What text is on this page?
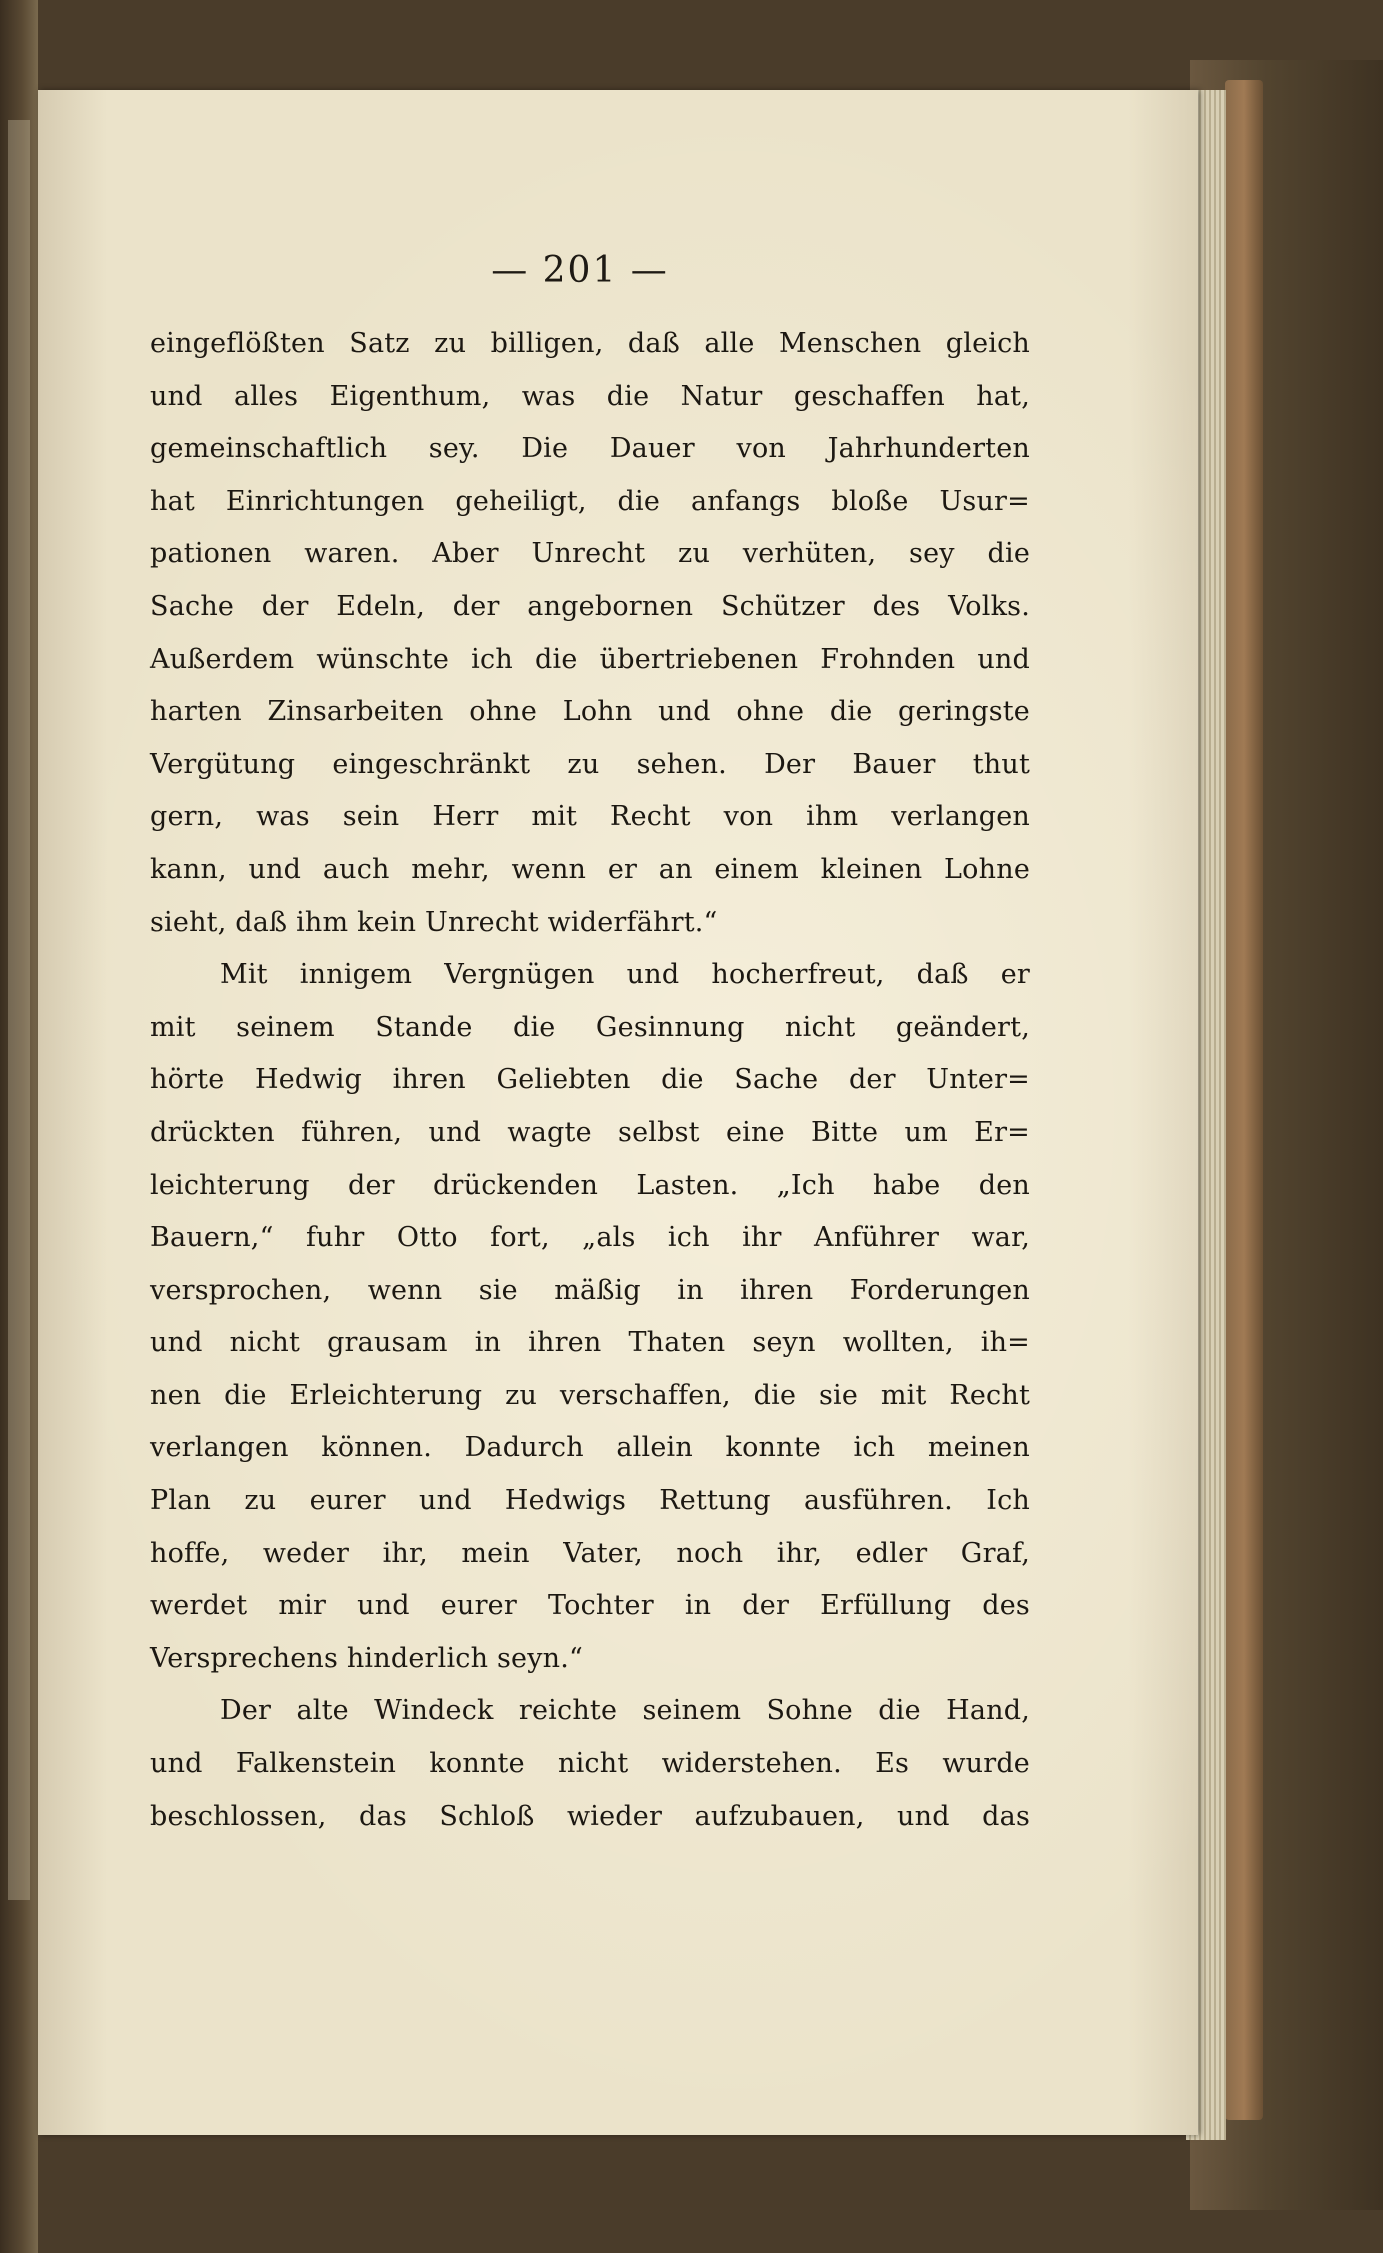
— 201 —
eingeflößten Satz zu billigen, daß alle Menschen gleich
und alles Eigenthum, was die Natur geschaffen hat,
gemeinschaftlich sey. Die Dauer von Jahrhunderten
hat Einrichtungen geheiligt, die anfangs bloße Usur=
pationen waren. Aber Unrecht zu verhüten, sey die
Sache der Edeln, der angebornen Schützer des Volks.
Außerdem wünschte ich die übertriebenen Frohnden und
harten Zinsarbeiten ohne Lohn und ohne die geringste
Vergütung eingeschränkt zu sehen. Der Bauer thut
gern, was sein Herr mit Recht von ihm verlangen
kann, und auch mehr, wenn er an einem kleinen Lohne
sieht, daß ihm kein Unrecht widerfährt.“
Mit innigem Vergnügen und hocherfreut, daß er
mit seinem Stande die Gesinnung nicht geändert,
hörte Hedwig ihren Geliebten die Sache der Unter=
drückten führen, und wagte selbst eine Bitte um Er=
leichterung der drückenden Lasten. „Ich habe den
Bauern,“ fuhr Otto fort, „als ich ihr Anführer war,
versprochen, wenn sie mäßig in ihren Forderungen
und nicht grausam in ihren Thaten seyn wollten, ih=
nen die Erleichterung zu verschaffen, die sie mit Recht
verlangen können. Dadurch allein konnte ich meinen
Plan zu eurer und Hedwigs Rettung ausführen. Ich
hoffe, weder ihr, mein Vater, noch ihr, edler Graf,
werdet mir und eurer Tochter in der Erfüllung des
Versprechens hinderlich seyn.“
Der alte Windeck reichte seinem Sohne die Hand,
und Falkenstein konnte nicht widerstehen. Es wurde
beschlossen, das Schloß wieder aufzubauen, und das
